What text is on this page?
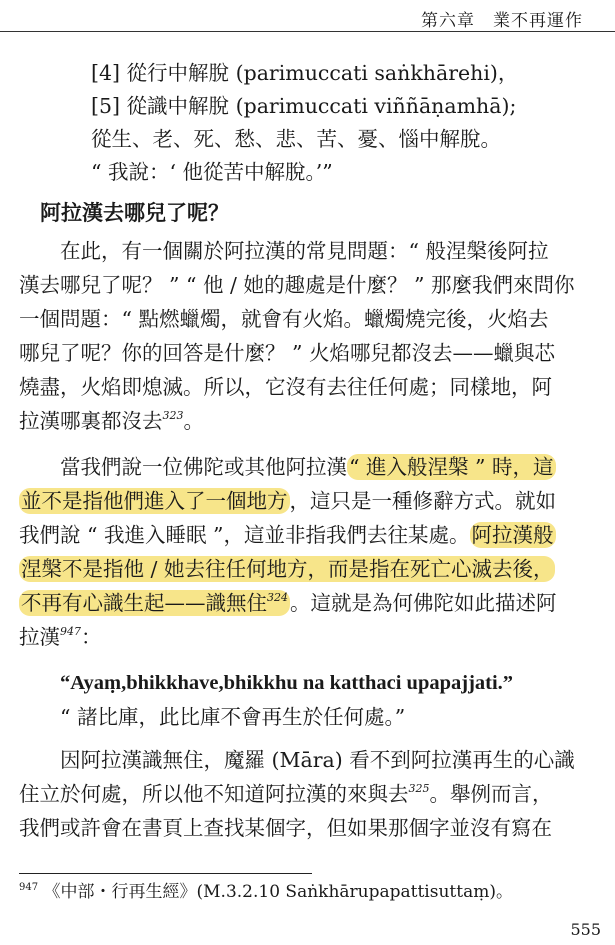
第六章　業不再運作
[4] 從行中解脫 (parimuccati saṅkhārehi)，
[5] 從識中解脫 (parimuccati viññāṇamhā);
從生、老、死、愁、悲、苦、憂、惱中解脫。
“ 我說：‘ 他從苦中解脫。’”
阿拉漢去哪兒了呢？
在此，有一個關於阿拉漢的常見問題：“ 般涅槃後阿拉
漢去哪兒了呢？ ” “ 他 / 她的趣處是什麼？ ” 那麼我們來問你
一個問題：“ 點燃蠟燭，就會有火焰。蠟燭燒完後，火焰去
哪兒了呢？你的回答是什麼？ ” 火焰哪兒都沒去——蠟與芯
燒盡，火焰即熄滅。所以，它沒有去往任何處；同樣地，阿
拉漢哪裏都沒去$^{323}$。
當我們說一位佛陀或其他阿拉漢“ 進入般涅槃 ” 時，這
並不是指他們進入了一個地方，這只是一種修辭方式。就如
我們說 “ 我進入睡眠 ”，這並非指我們去往某處。阿拉漢般
涅槃不是指他 / 她去往任何地方，而是指在死亡心滅去後，
不再有心識生起——識無住$^{324}$。這就是為何佛陀如此描述阿
拉漢$^{947}$：
“Ayaṃ,bhikkhave,bhikkhu na katthaci upapajjati.”
“ 諸比庫，此比庫不會再生於任何處。”
因阿拉漢識無住，魔羅 (Māra) 看不到阿拉漢再生的心識
住立於何處，所以他不知道阿拉漢的來與去$^{325}$。舉例而言，
我們或許會在書頁上查找某個字，但如果那個字並沒有寫在
$^{947}$ 《中部・行再生經》(M.3.2.10 Saṅkhārupapattisuttaṃ)。
555
